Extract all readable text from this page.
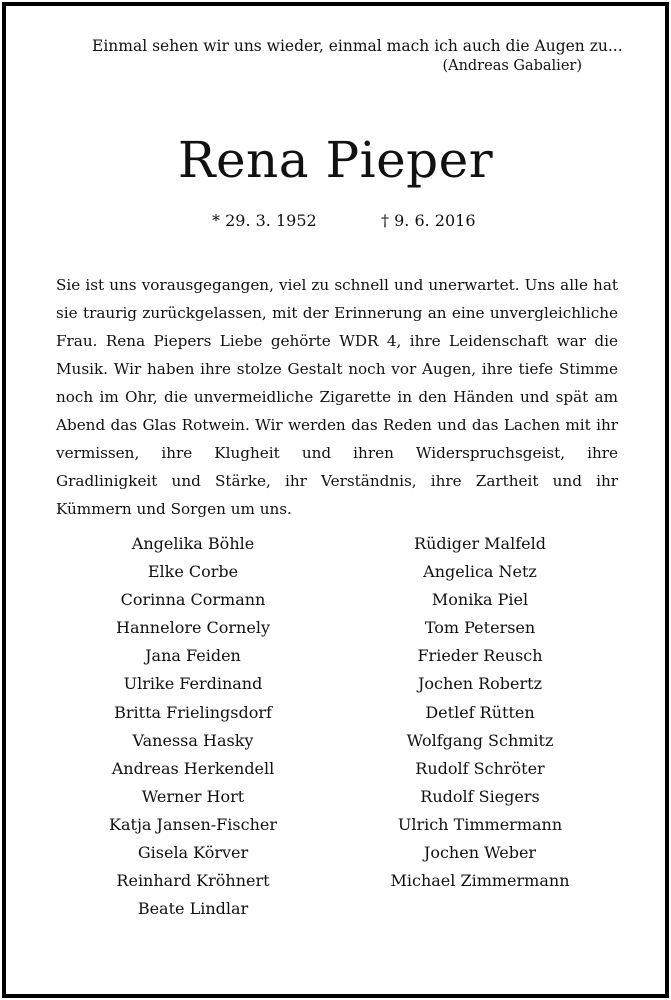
Einmal sehen wir uns wieder, einmal mach ich auch die Augen zu...
(Andreas Gabalier)
Rena Pieper
* 29. 3. 1952	† 9. 6. 2016

Sie ist uns vorausgegangen, viel zu schnell und unerwartet. Uns alle hat sie traurig zurückgelassen, mit der Erinnerung an eine unvergleichliche Frau. Rena Piepers Liebe gehörte WDR 4, ihre Leidenschaft war die Musik. Wir haben ihre stolze Gestalt noch vor Augen, ihre tiefe Stimme noch im Ohr, die unvermeidliche Zigarette in den Händen und spät am Abend das Glas Rotwein. Wir werden das Reden und das Lachen mit ihr vermissen, ihre Klugheit und ihren Widerspruchsgeist, ihre Gradlinigkeit und Stärke, ihr Verständnis, ihre Zartheit und ihr Kümmern und Sorgen um uns.

Angelika Böhle
Elke Corbe
Corinna Cormann
Hannelore Cornely
Jana Feiden
Ulrike Ferdinand
Britta Frielingsdorf
Vanessa Hasky
Andreas Herkendell
Werner Hort
Katja Jansen-Fischer
Gisela Körver
Reinhard Kröhnert
Beate Lindlar
Rüdiger Malfeld
Angelica Netz
Monika Piel
Tom Petersen
Frieder Reusch
Jochen Robertz
Detlef Rütten
Wolfgang Schmitz
Rudolf Schröter
Rudolf Siegers
Ulrich Timmermann
Jochen Weber
Michael Zimmermann
